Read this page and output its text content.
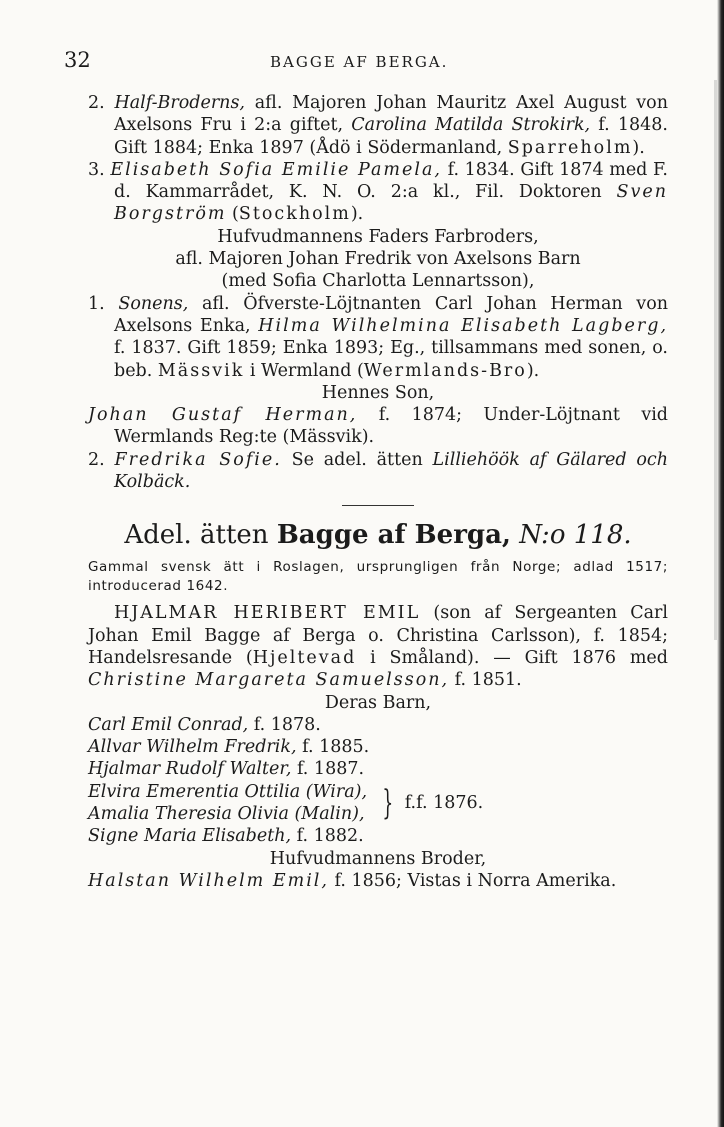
32	BAGGE AF BERGA.

2. Half-Broderns, afl. Majoren Johan Mauritz Axel August von Axelsons Fru i 2:a giftet, Carolina Matilda Strokirk, f. 1848. Gift 1884; Enka 1897 (Ådö i Södermanland, Sparreholm).

3. Elisabeth Sofia Emilie Pamela, f. 1834. Gift 1874 med F. d. Kammarrådet, K. N. O. 2:a kl., Fil. Doktoren Sven Borgström (Stockholm).

Hufvudmannens Faders Farbroders,

afl. Majoren Johan Fredrik von Axelsons Barn

(med Sofia Charlotta Lennartsson),

1. Sonens, afl. Öfverste-Löjtnanten Carl Johan Herman von Axelsons Enka, Hilma Wilhelmina Elisabeth Lagberg, f. 1837. Gift 1859; Enka 1893; Eg., tillsammans med sonen, o. beb. Mässvik i Wermland (Wermlands-Bro).

Hennes Son,

Johan Gustaf Herman, f. 1874; Under-Löjtnant vid Wermlands Reg:te (Mässvik).

2. Fredrika Sofie. Se adel. ätten Lilliehöök af Gälared och Kolbäck.

Adel. ätten Bagge af Berga, N:o 118.

Gammal svensk ätt i Roslagen, ursprungligen från Norge; adlad 1517; introducerad 1642.

HJALMAR HERIBERT EMIL (son af Sergeanten Carl Johan Emil Bagge af Berga o. Christina Carlsson), f. 1854; Handelsresande (Hjeltevad i Småland). — Gift 1876 med Christine Margareta Samuelsson, f. 1851.

Deras Barn,

Carl Emil Conrad, f. 1878.

Allvar Wilhelm Fredrik, f. 1885.

Hjalmar Rudolf Walter, f. 1887.

Elvira Emerentia Ottilia (Wira),

Amalia Theresia Olivia (Malin), } f.f. 1876.

Signe Maria Elisabeth, f. 1882.

Hufvudmannens Broder,

Halstan Wilhelm Emil, f. 1856; Vistas i Norra Amerika.
